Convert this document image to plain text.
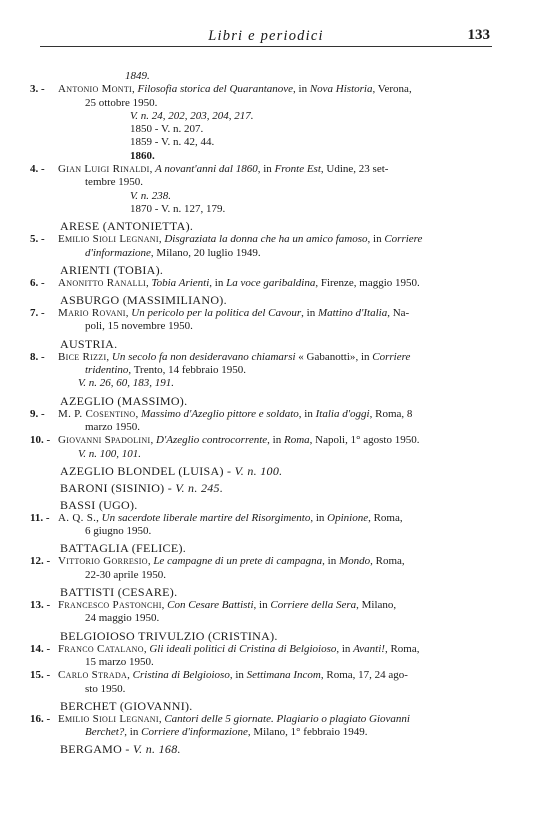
Libri e periodici	133
1849.
3. -	Antonio Monti, Filosofia storica del Quarantanove, in Nova Historia, Verona,
25 ottobre 1950.
V. n. 24, 202, 203, 204, 217.
1850 - V. n. 207.
1859 - V. n. 42, 44.
1860.
4. -	Gian Luigi Rinaldi, A novant'anni dal 1860, in Fronte Est, Udine, 23 set-
tembre 1950.
V. n. 238.
1870 - V. n. 127, 179.
ARESE (ANTONIETTA).
5. -	Emilio Sioli Legnani, Disgraziata la donna che ha un amico famoso, in Corriere
d'informazione, Milano, 20 luglio 1949.
ARIENTI (TOBIA).
6. -	Anonitto Ranalli, Tobia Arienti, in La voce garibaldina, Firenze, maggio 1950.
ASBURGO (MASSIMILIANO).
7. -	Mario Rovani, Un pericolo per la politica del Cavour, in Mattino d'Italia, Na-
poli, 15 novembre 1950.
AUSTRIA.
8. -	Bice Rizzi, Un secolo fa non desideravano chiamarsi « Gabanotti», in Corriere
tridentino, Trento, 14 febbraio 1950.
V. n. 26, 60, 183, 191.
AZEGLIO (MASSIMO).
9. -	M. P. Cosentino, Massimo d'Azeglio pittore e soldato, in Italia d'oggi, Roma, 8
marzo 1950.
10. - Giovanni Spadolini, D'Azeglio controcorrente, in Roma, Napoli, 1° agosto 1950.
V. n. 100, 101.
AZEGLIO BLONDEL (LUISA) - V. n. 100.
BARONI (SISINIO) - V. n. 245.
BASSI (UGO).
11. - A. Q. S., Un sacerdote liberale martire del Risorgimento, in Opinione, Roma,
6 giugno 1950.
BATTAGLIA (FELICE).
12. - Vittorio Gorresio, Le campagne di un prete di campagna, in Mondo, Roma,
22-30 aprile 1950.
BATTISTI (CESARE).
13. - Francesco Pastonchi, Con Cesare Battisti, in Corriere della Sera, Milano,
24 maggio 1950.
BELGIOIOSO TRIVULZIO (CRISTINA).
14. - Franco Catalano, Gli ideali politici di Cristina di Belgioioso, in Avanti!, Roma,
15 marzo 1950.
15. - Carlo Strada, Cristina di Belgioioso, in Settimana Incom, Roma, 17, 24 ago-
sto 1950.
BERCHET (GIOVANNI).
16. - Emilio Sioli Legnani, Cantori delle 5 giornate. Plagiario o plagiato Giovanni
Berchet?, in Corriere d'informazione, Milano, 1° febbraio 1949.
BERGAMO - V. n. 168.
